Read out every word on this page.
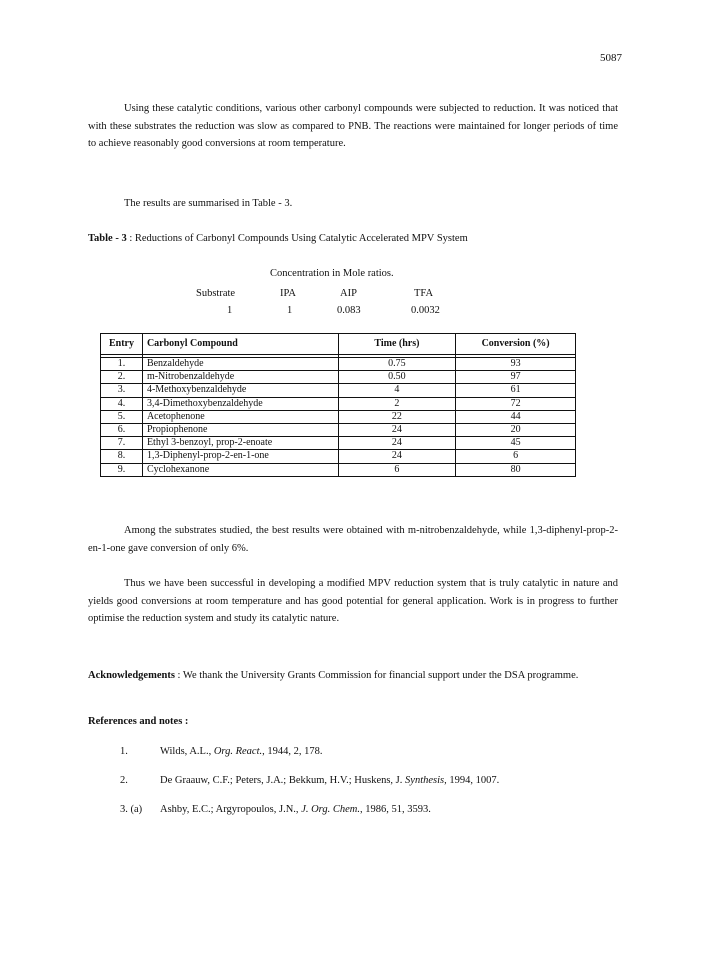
5087

Using these catalytic conditions, various other carbonyl compounds were subjected to reduction. It was noticed that with these substrates the reduction was slow as compared to PNB. The reactions were maintained for longer periods of time to achieve reasonably good conversions at room temperature.

The results are summarised in Table - 3.

Table - 3 : Reductions of Carbonyl Compounds Using Catalytic Accelerated MPV System
Concentration in Mole ratios.
Substrate	IPA	AIP	TFA
1	1	0.083	0.0032
Entry	Carbonyl Compound	Time (hrs)	Conversion (%)

1.	Benzaldehyde	0.75	93
2.	m-Nitrobenzaldehyde	0.50	97
3.	4-Methoxybenzaldehyde	4	61
4.	3,4-Dimethoxybenzaldehyde	2	72
5.	Acetophenone	22	44
6.	Propiophenone	24	20
7.	Ethyl 3-benzoyl, prop-2-enoate	24	45
8.	1,3-Diphenyl-prop-2-en-1-one	24	6
9.	Cyclohexanone	6	80

Among the substrates studied, the best results were obtained with m-nitrobenzaldehyde, while 1,3-diphenyl-prop-2-en-1-one gave conversion of only 6%.

Thus we have been successful in developing a modified MPV reduction system that is truly catalytic in nature and yields good conversions at room temperature and has good potential for general application. Work is in progress to further optimise the reduction system and study its catalytic nature.

Acknowledgements : We thank the University Grants Commission for financial support under the DSA programme.

References and notes :
1.	Wilds, A.L., Org. React., 1944, 2, 178.
2.	De Graauw, C.F.; Peters, J.A.; Bekkum, H.V.; Huskens, J. Synthesis, 1994, 1007.
3. (a)	Ashby, E.C.; Argyropoulos, J.N., J. Org. Chem., 1986, 51, 3593.
